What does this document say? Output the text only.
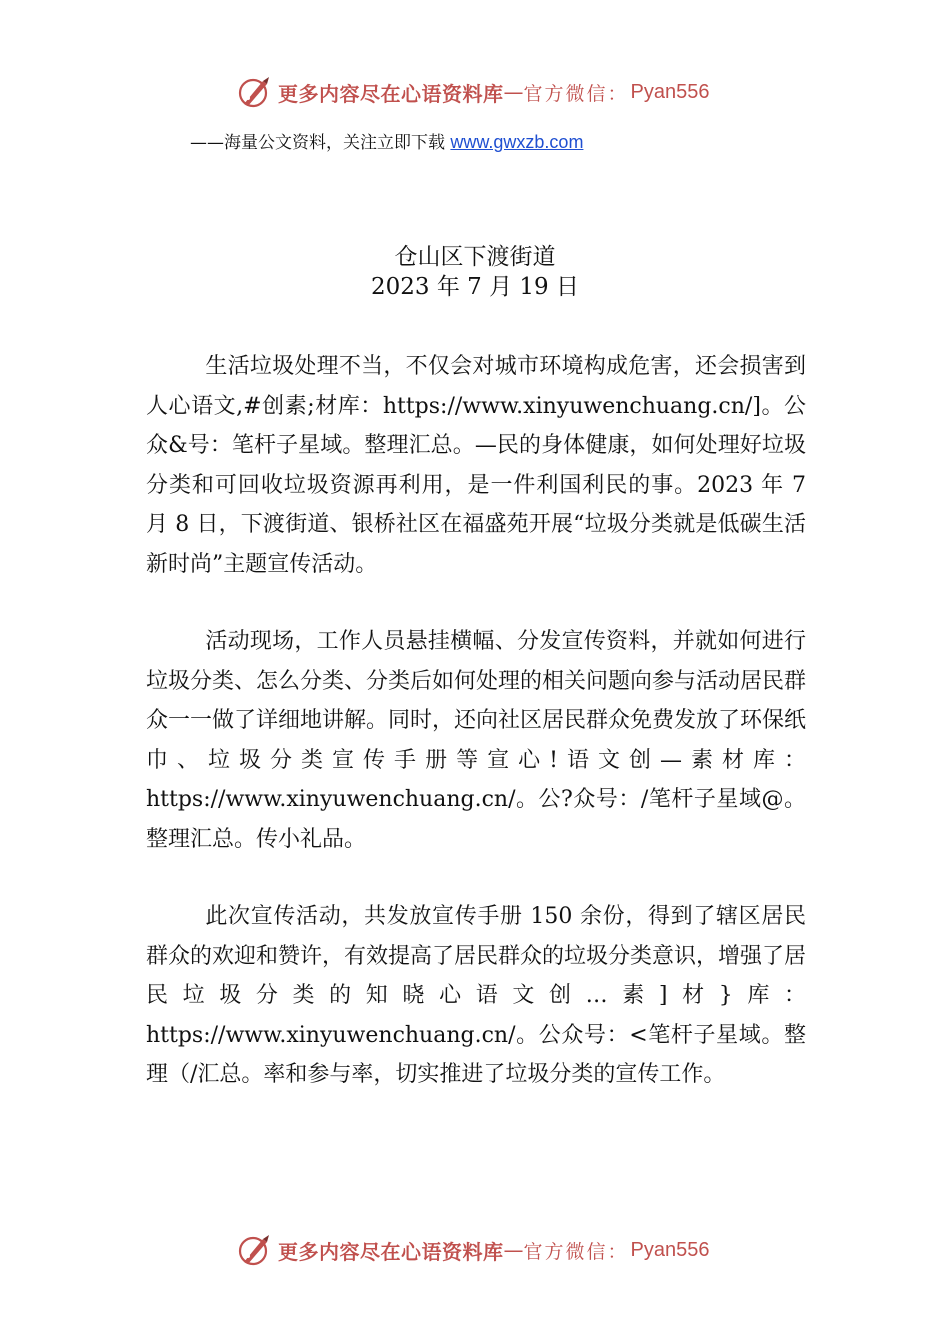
更多内容尽在心语资料库 — 官方微信： Pyan556
——海量公文资料，关注立即下载 www.gwxzb.com
仓山区下渡街道
2023 年 7 月 19 日

生活垃圾处理不当，不仅会对城市环境构成危害，还会损害到人心语文,#创素;材库：https://www.xinyuwenchuang.cn/]。公众&号：笔杆子星域。整理汇总。—民的身体健康，如何处理好垃圾分类和可回收垃圾资源再利用，是一件利国利民的事。2023 年 7 月 8 日，下渡街道、银桥社区在福盛苑开展“垃圾分类就是低碳生活新时尚”主题宣传活动。

活动现场，工作人员悬挂横幅、分发宣传资料，并就如何进行垃圾分类、怎么分类、分类后如何处理的相关问题向参与活动居民群众一一做了详细地讲解。同时，还向社区居民群众免费发放了环保纸巾、垃圾分类宣传手册等宣心!语文创—素材库：https://www.xinyuwenchuang.cn/。公?众号：/笔杆子星域@。整理汇总。传小礼品。

此次宣传活动，共发放宣传手册 150 余份，得到了辖区居民群众的欢迎和赞许，有效提高了居民群众的垃圾分类意识，增强了居民垃圾分类的知晓心语文创…素]材}库：https://www.xinyuwenchuang.cn/。公众号：<笔杆子星域。整理（/汇总。率和参与率，切实推进了垃圾分类的宣传工作。

更多内容尽在心语资料库 — 官方微信： Pyan556
